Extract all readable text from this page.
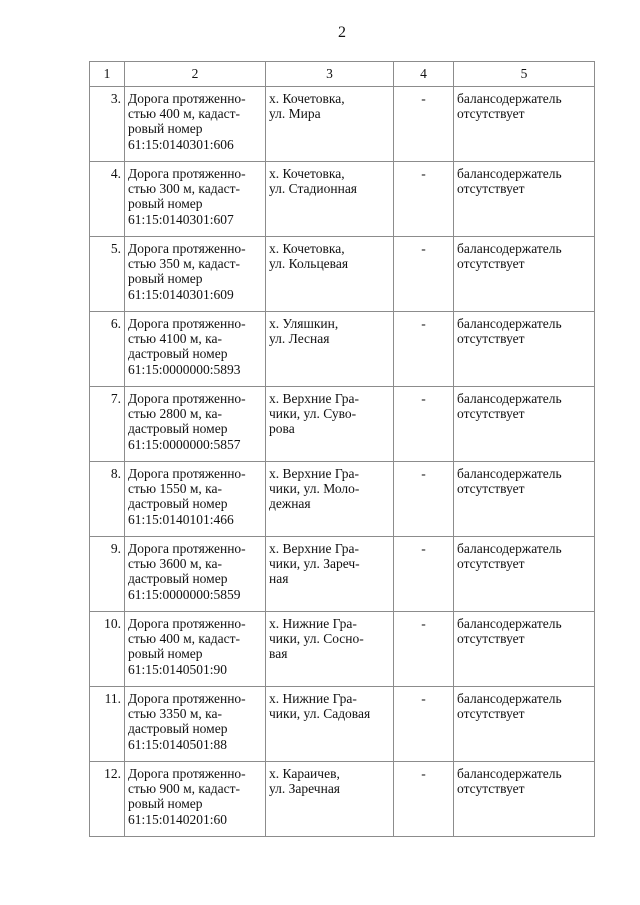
2
1	2	3	4	5
3.	Дорога протяженно-
стью 400 м, кадаст-
ровый номер
61:15:0140301:606	х. Кочетовка,
ул. Мира	-	балансодержатель
отсутствует

4.	Дорога протяженно-
стью 300 м, кадаст-
ровый номер
61:15:0140301:607	х. Кочетовка,
ул. Стадионная	-	балансодержатель
отсутствует

5.	Дорога протяженно-
стью 350 м, кадаст-
ровый номер
61:15:0140301:609	х. Кочетовка,
ул. Кольцевая	-	балансодержатель
отсутствует

6.	Дорога протяженно-
стью 4100 м, ка-
дастровый номер
61:15:0000000:5893	х. Уляшкин,
ул. Лесная	-	балансодержатель
отсутствует

7.	Дорога протяженно-
стью 2800 м, ка-
дастровый номер
61:15:0000000:5857	х. Верхние Гра-
чики, ул. Суво-
рова	-	балансодержатель
отсутствует

8.	Дорога протяженно-
стью 1550 м, ка-
дастровый номер
61:15:0140101:466	х. Верхние Гра-
чики, ул. Моло-
дежная	-	балансодержатель
отсутствует

9.	Дорога протяженно-
стью 3600 м, ка-
дастровый номер
61:15:0000000:5859	х. Верхние Гра-
чики, ул. Зареч-
ная	-	балансодержатель
отсутствует

10.	Дорога протяженно-
стью 400 м, кадаст-
ровый номер
61:15:0140501:90	х. Нижние Гра-
чики, ул. Сосно-
вая	-	балансодержатель
отсутствует

11.	Дорога протяженно-
стью 3350 м, ка-
дастровый номер
61:15:0140501:88	х. Нижние Гра-
чики, ул. Садовая	-	балансодержатель
отсутствует

12.	Дорога протяженно-
стью 900 м, кадаст-
ровый номер
61:15:0140201:60	х. Караичев,
ул. Заречная	-	балансодержатель
отсутствует
